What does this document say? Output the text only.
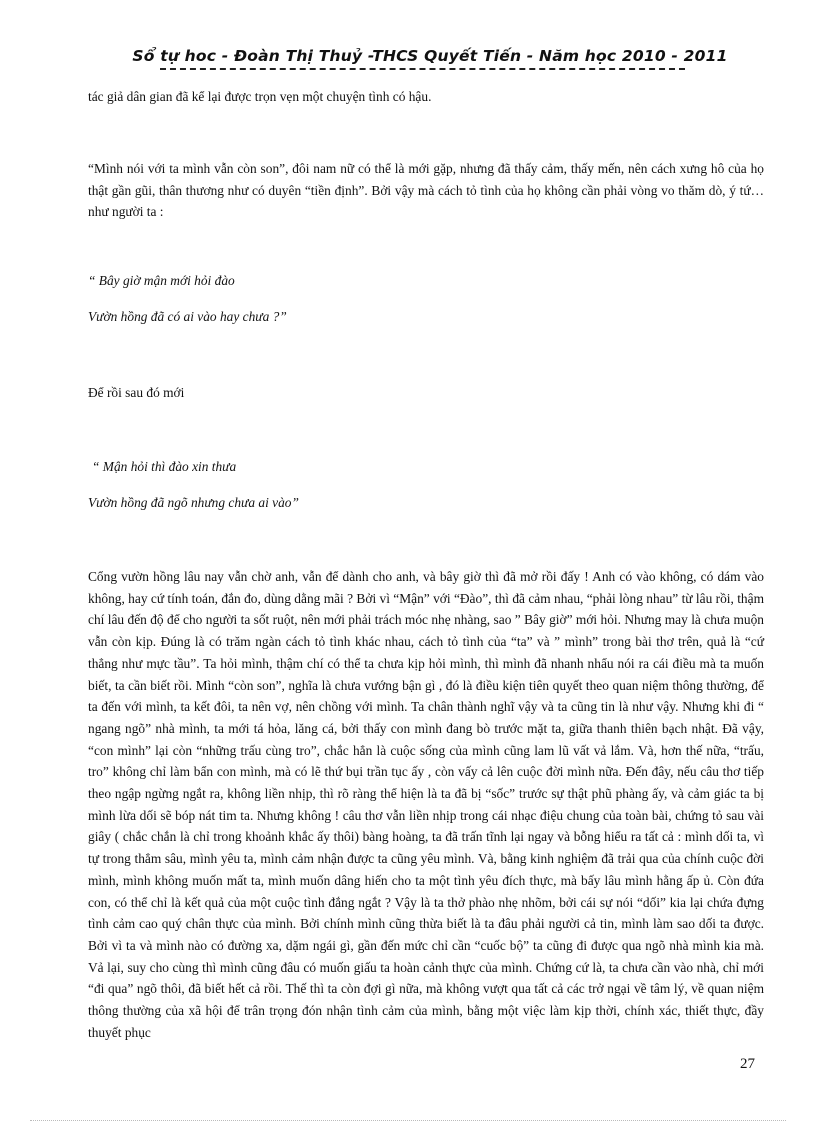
Sổ tự hoc - Đoàn Thị Thuỷ -THCS Quyết Tiến - Năm học 2010 - 2011

tác giả dân gian đã kể lại được trọn vẹn một chuyện tình có hậu.

“Mình nói với ta mình vẫn còn son”, đôi nam nữ có thể là mới gặp, nhưng đã thấy cảm, thấy mến, nên cách xưng hô của họ thật gần gũi, thân thương như có duyên “tiền định”. Bởi vậy mà cách tỏ tình của họ không cần phải vòng vo thăm dò, ý tứ… như người ta :

“ Bây giờ mận mới hỏi đào

Vườn hồng đã có ai vào hay chưa ?”

Để rồi sau đó mới

“ Mận hỏi thì đào xin thưa

Vườn hồng đã ngõ nhưng chưa ai vào”

Cổng vườn hồng lâu nay vẫn chờ anh, vẫn để dành cho anh, và bây giờ thì đã mở rồi đấy ! Anh có vào không, có dám vào không, hay cứ tính toán, đắn đo, dùng dằng mãi ? Bởi vì “Mận” với “Đào”, thì đã cảm nhau, “phải lòng nhau” từ lâu rồi, thậm chí lâu đến độ để cho người ta sốt ruột, nên mới phải trách móc nhẹ nhàng, sao ” Bây giờ” mới hỏi. Nhưng may là chưa muộn vẫn còn kịp. Đúng là có trăm ngàn cách tỏ tình khác nhau, cách tỏ tình của “ta” và ” mình” trong bài thơ trên, quả là “cứ thẳng như mực tầu”. Ta hỏi mình, thậm chí có thể ta chưa kịp hỏi mình, thì mình đã nhanh nhẩu nói ra cái điều mà ta muốn biết, ta cần biết rồi. Mình “còn son”, nghĩa là chưa vướng bận gì , đó là điều kiện tiên quyết theo quan niệm thông thường, để ta đến với mình, ta kết đôi, ta nên vợ, nên chồng với mình. Ta chân thành nghĩ vậy và ta cũng tin là như vậy. Nhưng khi đi “ ngang ngõ” nhà mình, ta mới tá hỏa, lăng cá, bởi thấy con mình đang bò trước mặt ta, giữa thanh thiên bạch nhật. Đã vậy, “con mình” lại còn “những trấu cùng tro”, chắc hẳn là cuộc sống của mình cũng lam lũ vất vả lắm. Và, hơn thế nữa, “trấu, tro” không chỉ làm bẩn con mình, mà có lẽ thứ bụi trần tục ấy , còn vấy cả lên cuộc đời mình nữa. Đến đây, nếu câu thơ tiếp theo ngập ngừng ngắt ra, không liền nhịp, thì rõ ràng thể hiện là ta đã bị “sốc” trước sự thật phũ phàng ấy, và cảm giác ta bị mình lừa dối sẽ bóp nát tim ta. Nhưng không ! câu thơ vẫn liền nhịp trong cái nhạc điệu chung của toàn bài, chứng tỏ sau vài giây ( chắc chắn là chỉ trong khoảnh khắc ấy thôi) bàng hoàng, ta đã trấn tĩnh lại ngay và bỗng hiểu ra tất cả : mình dối ta, vì tự trong thẳm sâu, mình yêu ta, mình cảm nhận được ta cũng yêu mình. Và, bằng kinh nghiệm đã trải qua của chính cuộc đời mình, mình không muốn mất ta, mình muốn dâng hiến cho ta một tình yêu đích thực, mà bấy lâu mình hằng ấp ủ. Còn đứa con, có thể chỉ là kết quả của một cuộc tình đắng ngắt ? Vậy là ta thở phào nhẹ nhõm, bởi cái sự nói “dối” kia lại chứa đựng tình cảm cao quý chân thực của mình. Bởi chính mình cũng thừa biết là ta đâu phải người cả tin, mình làm sao dối ta được. Bởi vì ta và mình nào có đường xa, dặm ngái gì, gần đến mức chỉ cần “cuốc bộ” ta cũng đi được qua ngõ nhà mình kia mà. Vả lại, suy cho cùng thì mình cũng đâu có muốn giấu ta hoàn cảnh thực của mình. Chứng cứ là, ta chưa cần vào nhà, chỉ mới “đi qua” ngõ thôi, đã biết hết cả rồi. Thế thì ta còn đợi gì nữa, mà không vượt qua tất cả các trở ngại về tâm lý, về quan niệm thông thường của xã hội để trân trọng đón nhận tình cảm của mình, bằng một việc làm kịp thời, chính xác, thiết thực, đầy thuyết phục

27
